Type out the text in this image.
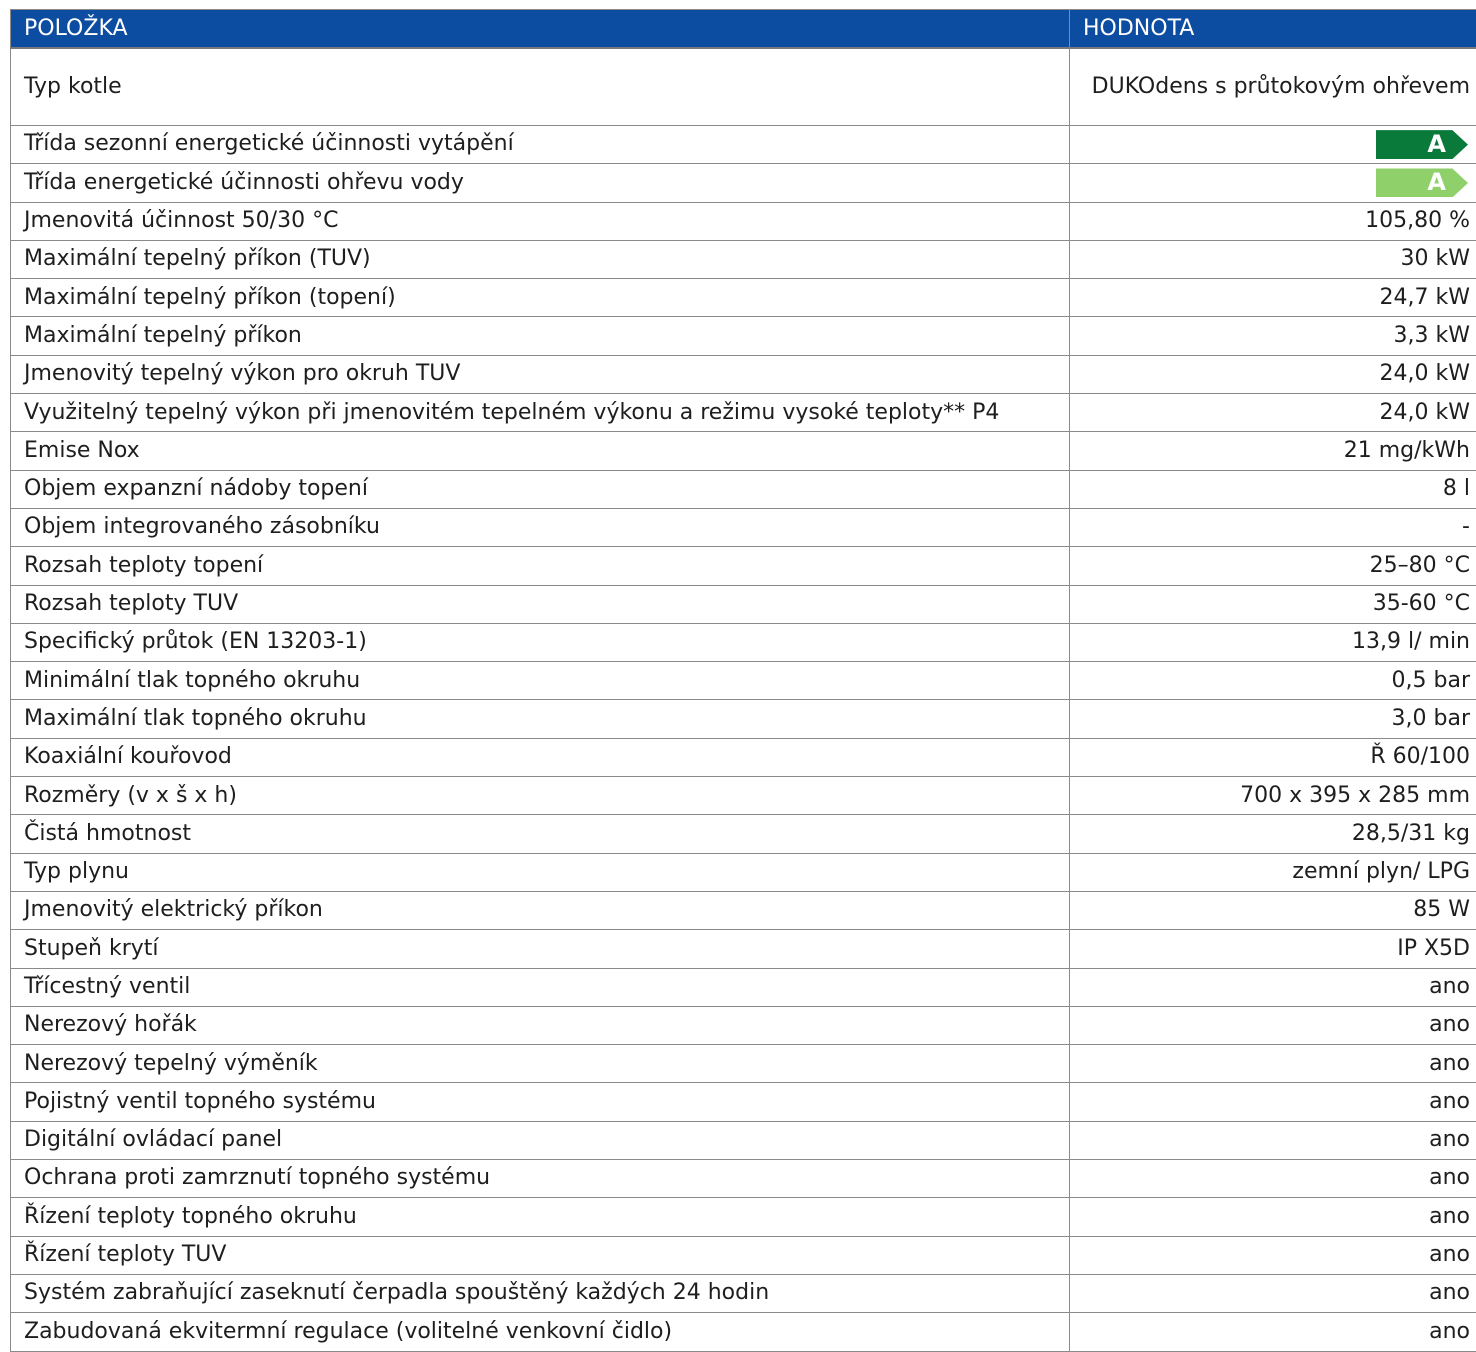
POLOŽKA	HODNOTA
Typ kotle	DUKOdens s průtokovým ohřevem
Třída sezonní energetické účinnosti vytápění	A

Třída energetické účinnosti ohřevu vody	A

Jmenovitá účinnost 50/30 °C	105,80 %
Maximální tepelný příkon (TUV)	30 kW
Maximální tepelný příkon (topení)	24,7 kW
Maximální tepelný příkon	3,3 kW
Jmenovitý tepelný výkon pro okruh TUV	24,0 kW
Využitelný tepelný výkon při jmenovitém tepelném výkonu a režimu vysoké teploty** P4	24,0 kW
Emise Nox	21 mg/kWh
Objem expanzní nádoby topení	8 l
Objem integrovaného zásobníku	-
Rozsah teploty topení	25–80 °C
Rozsah teploty TUV	35-60 °C
Specifický průtok (EN 13203-1)	13,9 l/ min
Minimální tlak topného okruhu	0,5 bar
Maximální tlak topného okruhu	3,0 bar
Koaxiální kouřovod	Ř 60/100
Rozměry (v x š x h)	700 x 395 x 285 mm
Čistá hmotnost	28,5/31 kg
Typ plynu	zemní plyn/ LPG
Jmenovitý elektrický příkon	85 W
Stupeň krytí	IP X5D
Třícestný ventil	ano
Nerezový hořák	ano
Nerezový tepelný výměník	ano
Pojistný ventil topného systému	ano
Digitální ovládací panel	ano
Ochrana proti zamrznutí topného systému	ano
Řízení teploty topného okruhu	ano
Řízení teploty TUV	ano
Systém zabraňující zaseknutí čerpadla spouštěný každých 24 hodin	ano
Zabudovaná ekvitermní regulace (volitelné venkovní čidlo)	ano
